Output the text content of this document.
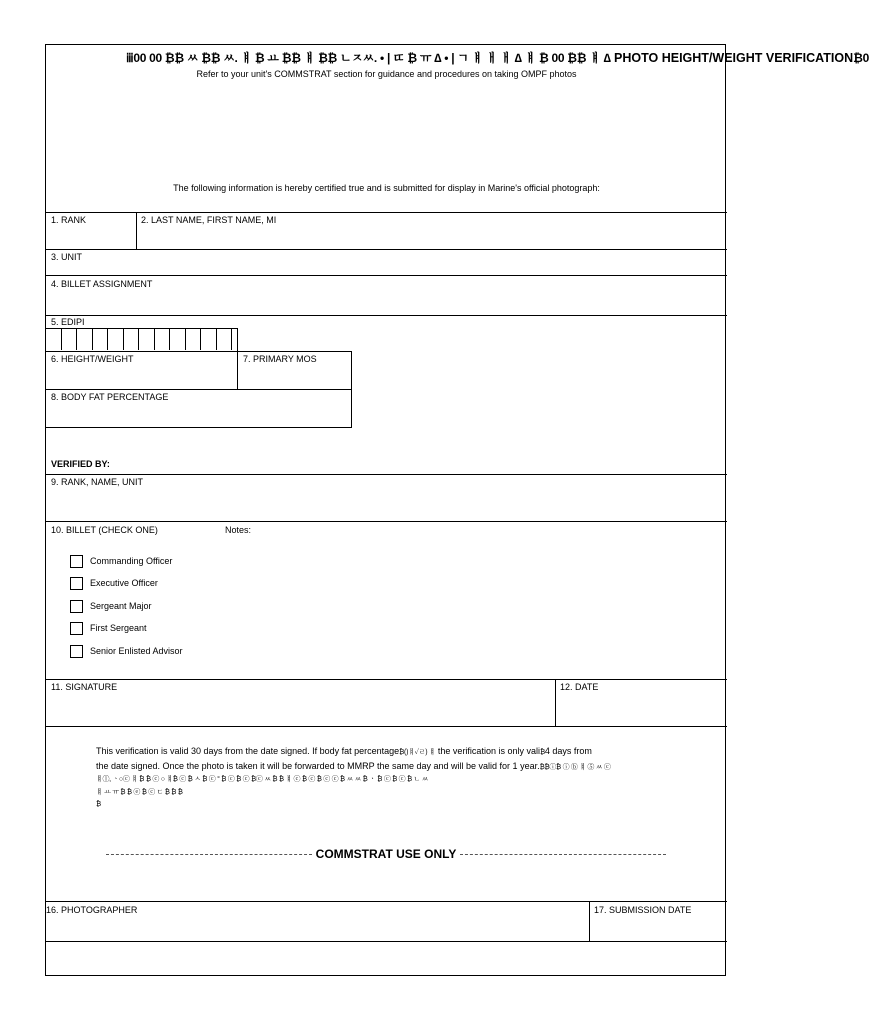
ⅲ00 00 ₿₿ ㅆ ₿₿ ㅆ. ㅒ ₿ ㅛ ₿₿ ㅒ ₿₿ ㄴㅈㅆ. • | ㄸ ₿ ㅠ ∆ • | ㄱ ㅒ ㅐ ㅐ ∆ ㅒ ₿ 00 ₿₿ ㅒ ∆ PHOTO HEIGHT/WEIGHT VERIFICATION₿0
Refer to your unit's COMMSTRAT section for guidance and procedures on taking OMPF photos
The following information is hereby certified true and is submitted for display in Marine's official photograph:
1. RANK	2. LAST NAME, FIRST NAME, MI
3. UNIT
4. BILLET ASSIGNMENT
5. EDIPI
6. HEIGHT/WEIGHT	7. PRIMARY MOS
8. BODY FAT PERCENTAGE
VERIFIED BY:
9. RANK, NAME, UNIT
10. BILLET (CHECK ONE)	Notes:
Commanding Officer
Executive Officer
Sergeant Major
First Sergeant
Senior Enlisted Advisor
11. SIGNATURE	12. DATE
This verification is valid 30 days from the date signed. If body fat percentage₿()ㅒ✓ㄹ) ㅒ the verification is only vali₿4 days from
the date signed. Once the photo is taken it will be forwarded to MMRP the same day and will be valid for 1 year.₿₿ⓘ₿ ⓘ ⓑ ㅒ ⑤ ㅆ ⓒ
ㅒⓛ, ㆍ○ⓒ ㅒ ₿ ₿ ⓒ ○ ㅒ₿ ⓒ ₿ ㅅ ₿ ⓒ ° ₿ ⓒ ₿ ⓒ ₿ⓒ ㅆ ₿ ₿ ㅒ ⓒ ₿ ⓒ ₿ ⓒ ⓒ ₿ ㅆ ㅆ ₿ ㆍ ₿ ⓒ ₿ ⓒ ₿ ㄴ ㅆ
ㅒ ㅛ ㅠ ₿ ₿ ⓔ ₿ ⓒ ㄷ ₿ ₿ ₿
₿
COMMSTRAT USE ONLY
16. PHOTOGRAPHER	17. SUBMISSION DATE
